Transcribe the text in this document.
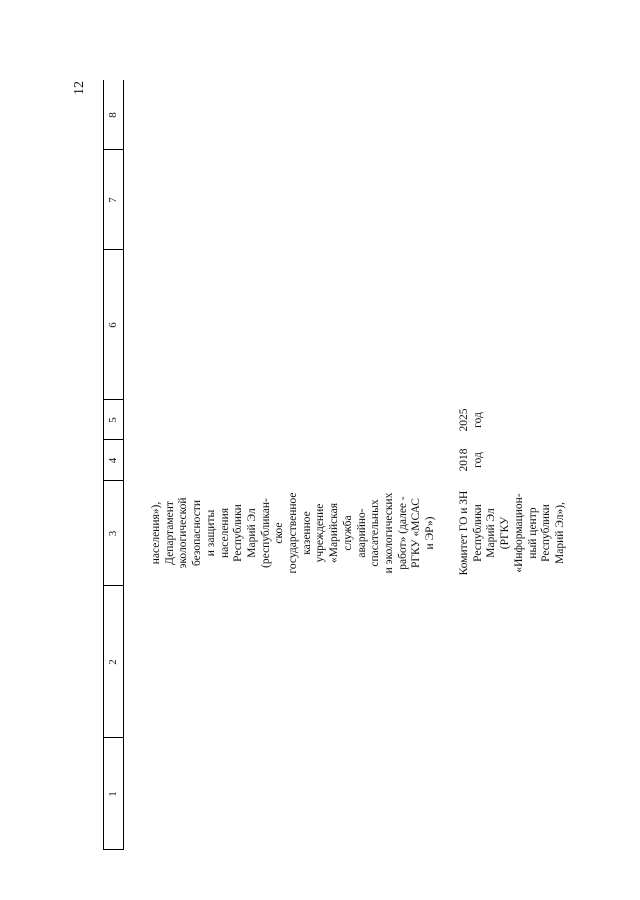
12
1
2
3
4
5
6
7
8
населения»),
Департамент
экологической
безопасности
и защиты
населения
Республики
Марий Эл
(республикан-
ское
государственное
казенное
учреждение
«Марийская
служба
аварийно-
спасательных
и экологических
работ» (далее -
РГКУ «МСАС
и ЭР»)
Комитет ГО и ЗН
Республики
Марий Эл
(РГКУ
«Информацион-
ный центр
Республики
Марий Эл»),
2018
год
2025
год
